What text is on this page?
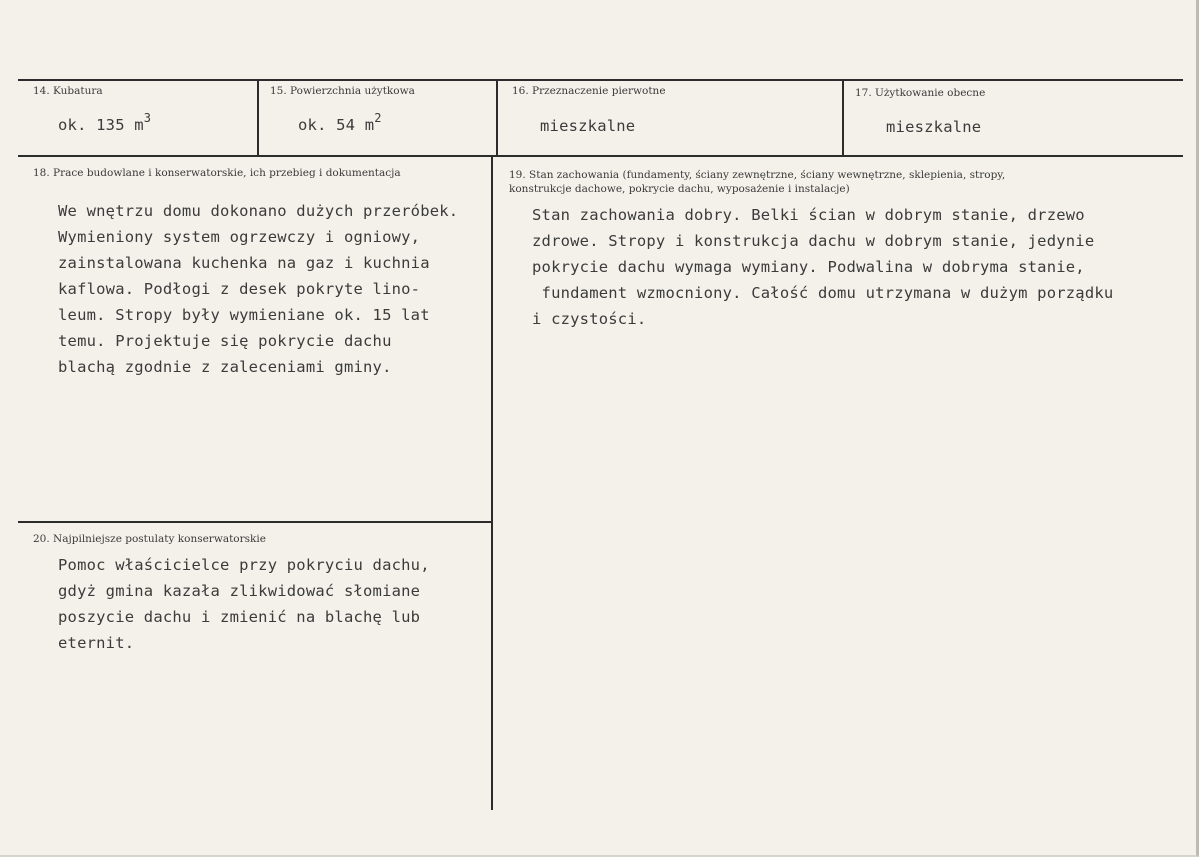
14. Kubatura
ok. 135 $m^3$
15. Powierzchnia użytkowa
ok. 54 $m^2$
16. Przeznaczenie pierwotne
mieszkalne
17. Użytkowanie obecne
mieszkalne
18. Prace budowlane i konserwatorskie, ich przebieg i dokumentacja
We wnętrzu domu dokonano dużych przeróbek.
Wymieniony system ogrzewczy i ogniowy,
zainstalowana kuchenka na gaz i kuchnia
kaflowa. Podłogi z desek pokryte lino-
leum. Stropy były wymieniane ok. 15 lat
temu. Projektuje się pokrycie dachu
blachą zgodnie z zaleceniami gminy.
19. Stan zachowania (fundamenty, ściany zewnętrzne, ściany wewnętrzne, sklepienia, stropy,
konstrukcje dachowe, pokrycie dachu, wyposażenie i instalacje)
Stan zachowania dobry. Belki ścian w dobrym stanie, drzewo
zdrowe. Stropy i konstrukcja dachu w dobrym stanie, jedynie
pokrycie dachu wymaga wymiany. Podwalina w dobryma stanie,
fundament wzmocniony. Całość domu utrzymana w dużym porządku
i czystości.
20. Najpilniejsze postulaty konserwatorskie
Pomoc właścicielce przy pokryciu dachu,
gdyż gmina kazała zlikwidować słomiane
poszycie dachu i zmienić na blachę lub
eternit.
